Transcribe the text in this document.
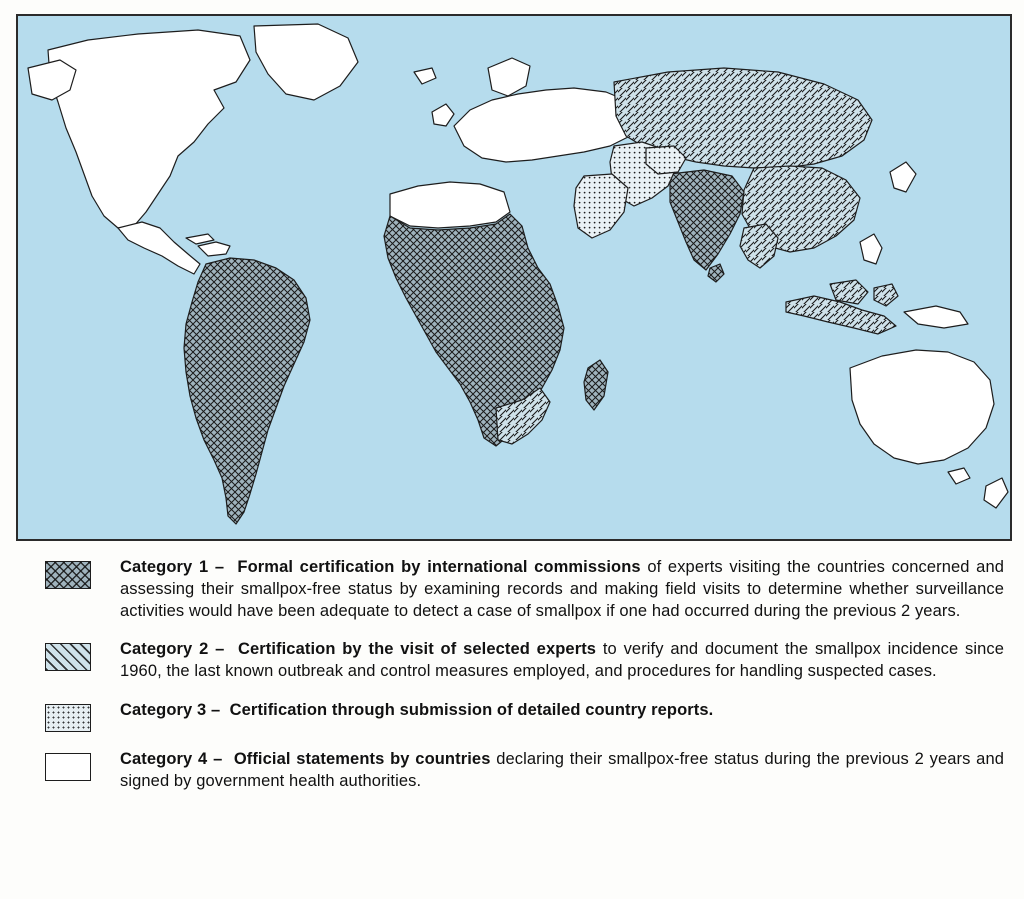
Category 1 – Formal certification by international commissions of experts visiting the countries concerned and assessing their smallpox-free status by examining records and making field visits to determine whether surveillance activities would have been adequate to detect a case of smallpox if one had occurred during the previous 2 years.
Category 2 – Certification by the visit of selected experts to verify and document the smallpox incidence since 1960, the last known outbreak and control measures employed, and procedures for handling suspected cases.
Category 3 – Certification through submission of detailed country reports.
Category 4 – Official statements by countries declaring their smallpox-free status during the previous 2 years and signed by government health authorities.
